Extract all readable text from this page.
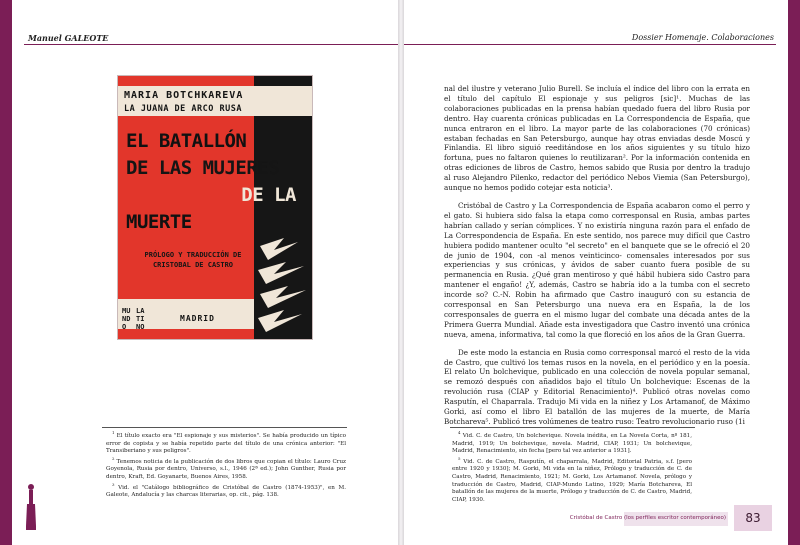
Manuel GALEOTE
MARIA BOTCHKAREVA
LA JUANA DE ARCO RUSA
EL BATALLÓN
DE LAS MUJERES
DE LA
MUERTE
PRÓLOGO Y TRADUCCIÓN DE CRISTOBAL DE CASTRO
MUNDO
LATINO
MADRID

$^1$ El título exacto era "El espionaje y sus misterios". Se había producido un típico error de copista y se había repetido parte del título de una crónica anterior: "El Transiberiano y sus peligros".

$^2$ Tenemos noticia de la publicación de dos libros que copian el título: Lauro Cruz Goyenola, Rusia por dentro, Universo, s.l., 1946 (2ª ed.); John Gunther, Rusia por dentro, Kraft, Ed. Goyanarte, Buenos Aires, 1958.

$^3$ Vid. el "Catálogo bibliográfico de Cristóbal de Castro (1874-1953)", en M. Galeote, Andalucía y las charcas literarias, op. cit., pág. 138.

Dossier Homenaje. Colaboraciones

nal del ilustre y veterano Julio Burell. Se incluía el índice del libro con la errata en el título del capítulo El espionaje y sus peligros [sic]¹. Muchas de las colaboraciones publicadas en la prensa habían quedado fuera del libro Rusia por dentro. Hay cuarenta crónicas publicadas en La Correspondencia de España, que nunca entraron en el libro. La mayor parte de las colaboraciones (70 crónicas) estaban fechadas en San Petersburgo, aunque hay otras enviadas desde Moscú y Finlandia. El libro siguió reeditándose en los años siguientes y su título hizo fortuna, pues no faltaron quienes lo reutilizaran². Por la información contenida en otras ediciones de libros de Castro, hemos sabido que Rusia por dentro la tradujo al ruso Alejandro Pilenko, redactor del periódico Nebos Viemia (San Petersburgo), aunque no hemos podido cotejar esta noticia³.

Cristóbal de Castro y La Correspondencia de España acabaron como el perro y el gato. Si hubiera sido falsa la etapa como corresponsal en Rusia, ambas partes habrían callado y serían cómplices. Y no existiría ninguna razón para el enfado de La Correspondencia de España. En este sentido, nos parece muy difícil que Castro hubiera podido mantener oculto "el secreto" en el banquete que se le ofreció el 20 de junio de 1904, con -al menos veinticinco- comensales interesados por sus experiencias y sus crónicas, y ávidos de saber cuanto fuera posible de su permanencia en Rusia. ¿Qué gran mentiroso y qué hábil hubiera sido Castro para mantener el engaño! ¿Y, además, Castro se habría ido a la tumba con el secreto incorde so? C.-N. Robin ha afirmado que Castro inauguró con su estancia de corresponsal en San Petersburgo una nueva era en España, la de los corresponsales de guerra en el mismo lugar del combate una década antes de la Primera Guerra Mundial. Añade esta investigadora que Castro inventó una crónica nueva, amena, informativa, tal como la que floreció en los años de la Gran Guerra.

De este modo la estancia en Rusia como corresponsal marcó el resto de la vida de Castro, que cultivó los temas rusos en la novela, en el periódico y en la poesía. El relato Un bolchevique, publicado en una colección de novela popular semanal, se remozó después con añadidos bajo el título Un bolchevique: Escenas de la revolución rusa (CIAP y Editorial Renacimiento)⁴. Publicó otras novelas como Rasputín, el Chaparrala. Tradujo Mi vida en la niñez y Los Artamanof, de Máximo Gorki, así como el libro El batallón de las mujeres de la muerte, de María Botchareva⁵. Publicó tres volúmenes de teatro ruso: Teatro revolucionario ruso (1i

$^4$ Vid. C. de Castro, Un bolchevique. Novela inédita, en La Novela Corta, nº 181, Madrid, 1919; Un bolchevique, novela. Madrid, CIAP, 1931; Un bolchevique, Madrid, Renacimiento, sin fecha [pero tal vez anterior a 1931].

$^5$ Vid. C. de Castro, Rasputín, el chaparrala, Madrid, Editorial Patria, s.f. [pero entre 1920 y 1930]; M. Gorki, Mi vida en la niñez, Prólogo y traducción de C. de Castro, Madrid, Renacimiento, 1921; M. Gorki, Los Artamanof. Novela, prólogo y traducción de Castro, Madrid, CIAP-Mundo Latino, 1929; María Botchareva, El batallón de las mujeres de la muerte, Prólogo y traducción de C. de Castro, Madrid, CIAP, 1930.

Cristóbal de Castro (los perfiles escritor contemporáneo)	83
